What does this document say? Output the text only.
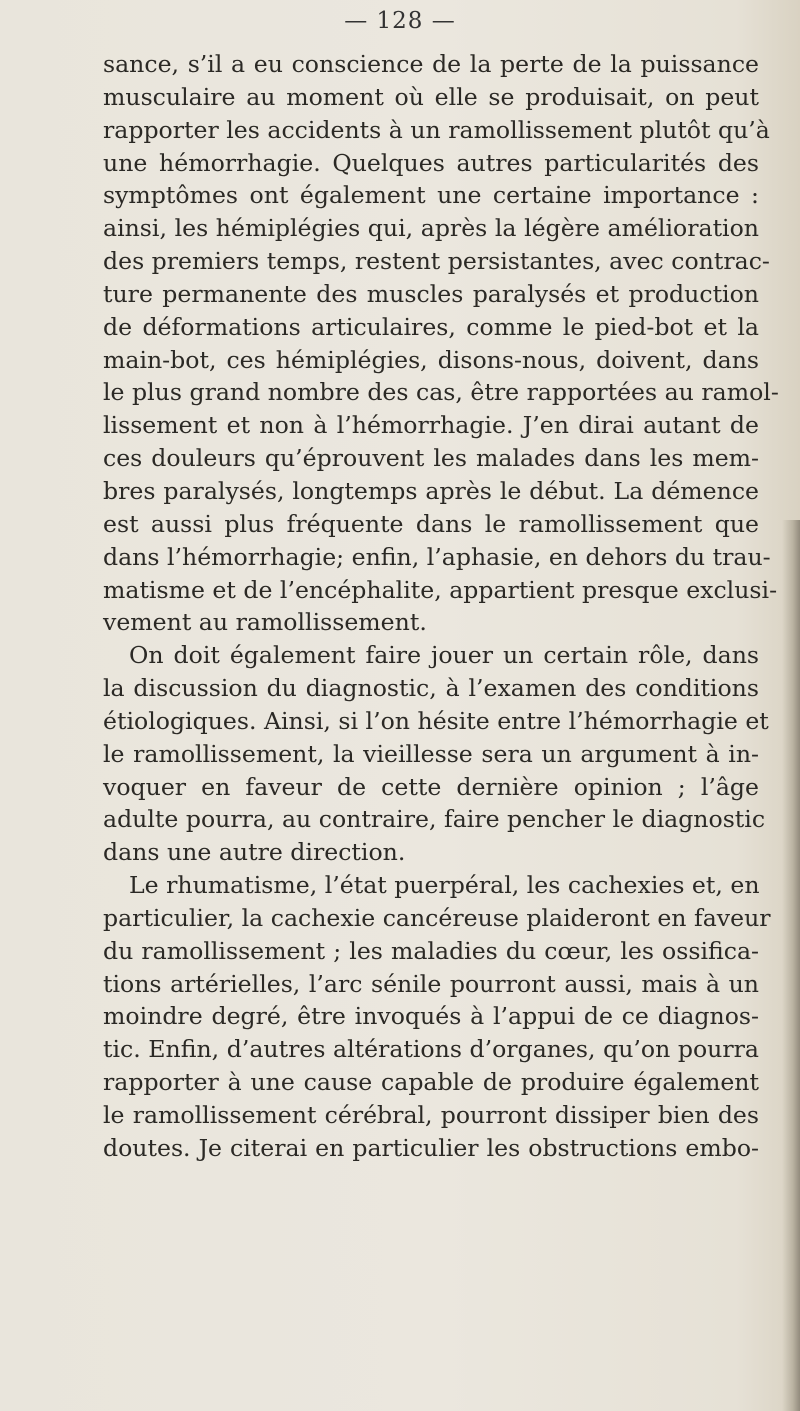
— 128 —
sance, s’il a eu conscience de la perte de la puissance
musculaire au moment où elle se produisait, on peut
rapporter les accidents à un ramollissement plutôt qu’à
une hémorrhagie. Quelques autres particularités des
symptômes ont également une certaine importance :
ainsi, les hémiplégies qui, après la légère amélioration
des premiers temps, restent persistantes, avec contrac-
ture permanente des muscles paralysés et production
de déformations articulaires, comme le pied-bot et la
main-bot, ces hémiplégies, disons-nous, doivent, dans
le plus grand nombre des cas, être rapportées au ramol-
lissement et non à l’hémorrhagie. J’en dirai autant de
ces douleurs qu’éprouvent les malades dans les mem-
bres paralysés, longtemps après le début. La démence
est aussi plus fréquente dans le ramollissement que
dans l’hémorrhagie; enfin, l’aphasie, en dehors du trau-
matisme et de l’encéphalite, appartient presque exclusi-
vement au ramollissement.
On doit également faire jouer un certain rôle, dans
la discussion du diagnostic, à l’examen des conditions
étiologiques. Ainsi, si l’on hésite entre l’hémorrhagie et
le ramollissement, la vieillesse sera un argument à in-
voquer en faveur de cette dernière opinion ; l’âge
adulte pourra, au contraire, faire pencher le diagnostic
dans une autre direction.
Le rhumatisme, l’état puerpéral, les cachexies et, en
particulier, la cachexie cancéreuse plaideront en faveur
du ramollissement ; les maladies du cœur, les ossifica-
tions artérielles, l’arc sénile pourront aussi, mais à un
moindre degré, être invoqués à l’appui de ce diagnos-
tic. Enfin, d’autres altérations d’organes, qu’on pourra
rapporter à une cause capable de produire également
le ramollissement cérébral, pourront dissiper bien des
doutes. Je citerai en particulier les obstructions embo-
